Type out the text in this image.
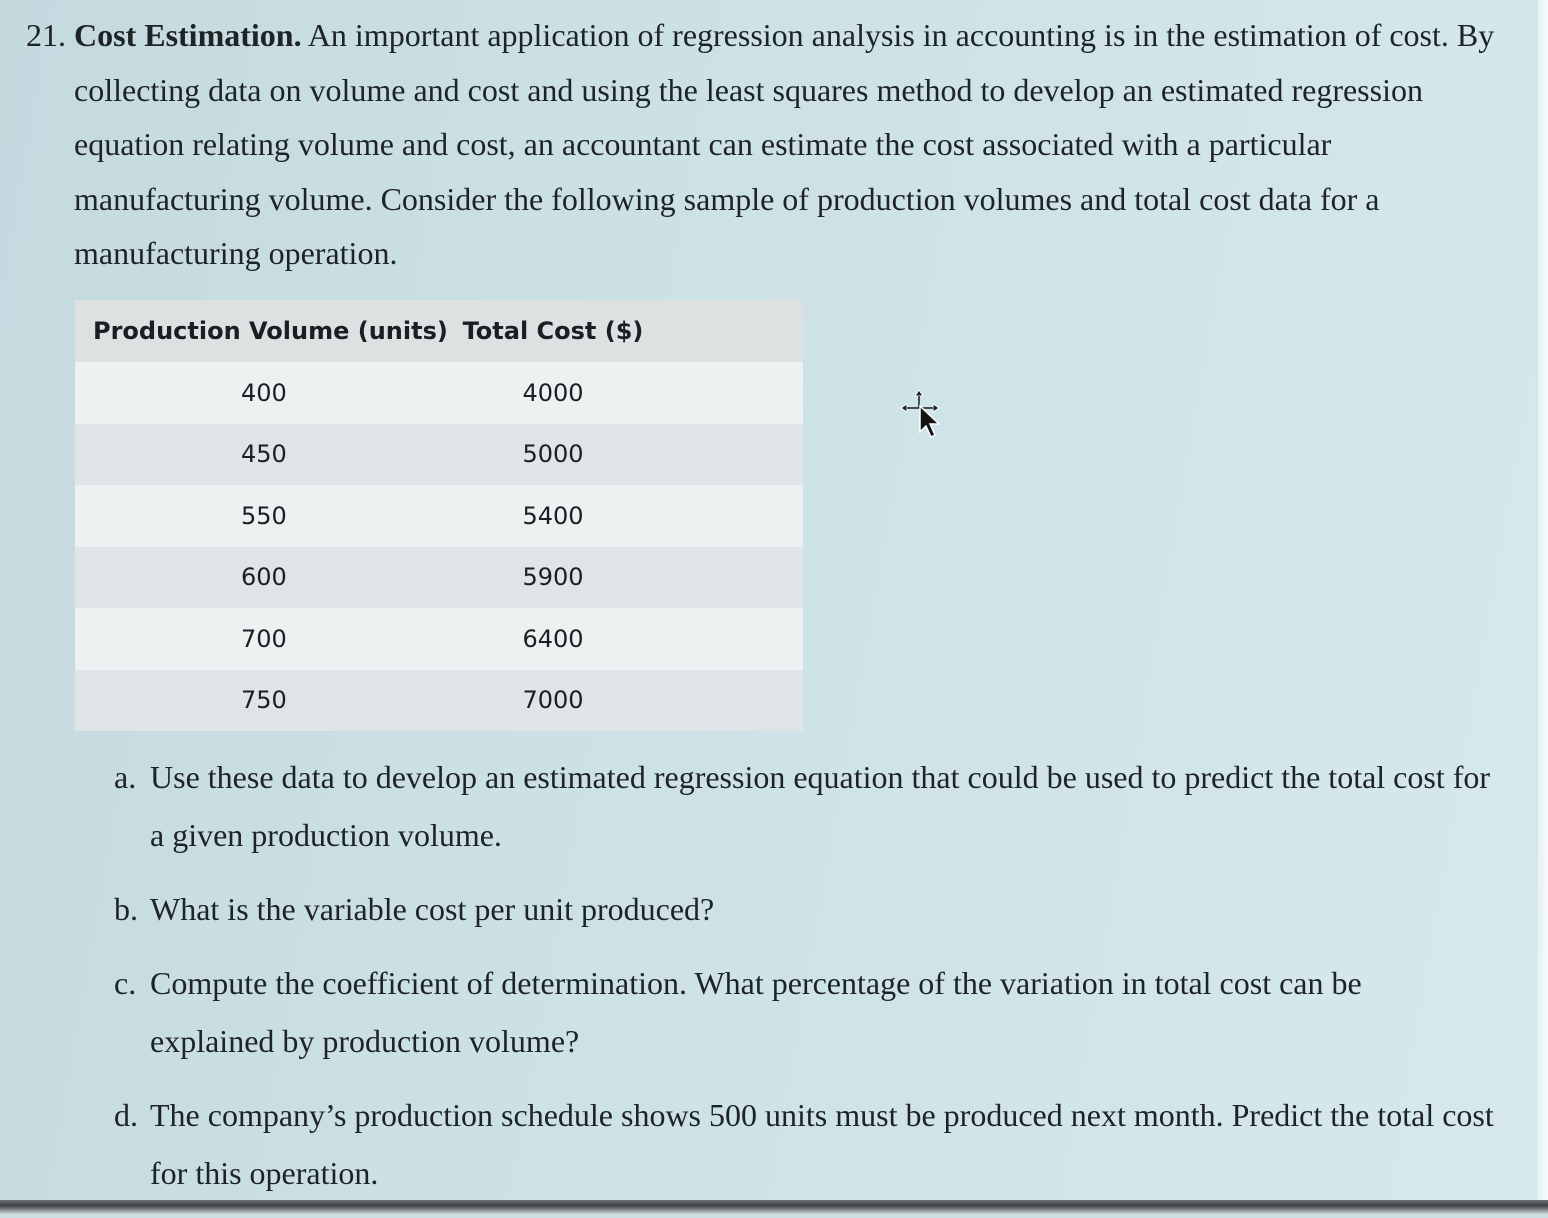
21. Cost Estimation. An important application of regression analysis in accounting is in the estimation of cost. By collecting data on volume and cost and using the least squares method to develop an estimated regression equation relating volume and cost, an accountant can estimate the cost associated with a particular manufacturing volume. Consider the following sample of production volumes and total cost data for a manufacturing operation.
Production Volume (units)	Total Cost ($)
400	4000
450	5000
550	5400
600	5900
700	6400
750	7000
a. Use these data to develop an estimated regression equation that could be used to predict the total cost for a given production volume.
b. What is the variable cost per unit produced?
c. Compute the coefficient of determination. What percentage of the variation in total cost can be explained by production volume?
d. The company’s production schedule shows 500 units must be produced next month. Predict the total cost for this operation.
